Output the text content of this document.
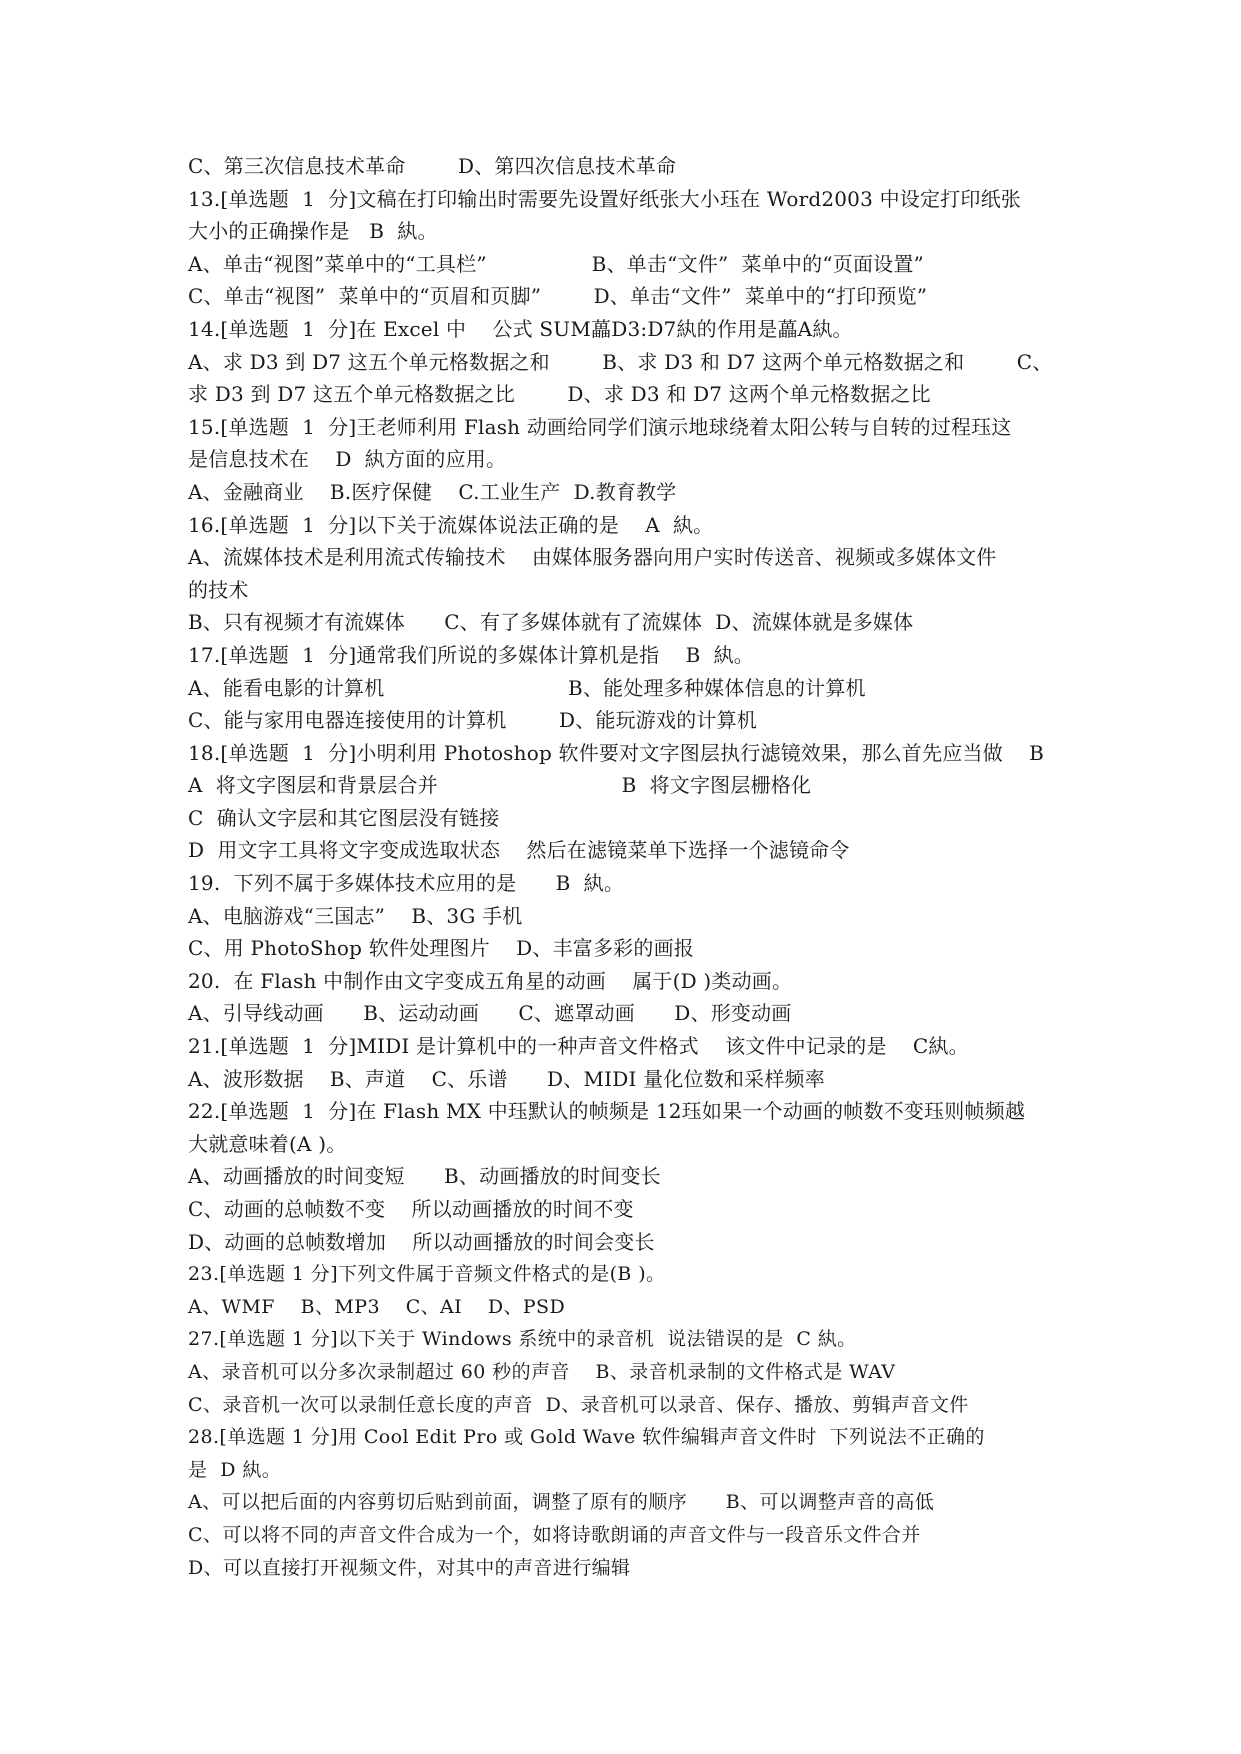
C、第三次信息技术革命        D、第四次信息技术革命
13.[单选题  1  分]文稿在打印输出时需要先设置好纸张大小珏在 Word2003 中设定打印纸张
大小的正确操作是   B  紈。
A、单击“视图”菜单中的“工具栏”                B、单击“文件”  菜单中的“页面设置”
C、单击“视图”  菜单中的“页眉和页脚”        D、单击“文件”  菜单中的“打印预览”
14.[单选题  1  分]在 Excel 中    公式 SUM藟D3:D7紈的作用是藟A紈。
A、求 D3 到 D7 这五个单元格数据之和        B、求 D3 和 D7 这两个单元格数据之和        C、
求 D3 到 D7 这五个单元格数据之比        D、求 D3 和 D7 这两个单元格数据之比
15.[单选题  1  分]王老师利用 Flash 动画给同学们演示地球绕着太阳公转与自转的过程珏这
是信息技术在    D  紈方面的应用。
A、金融商业    B.医疗保健    C.工业生产  D.教育教学
16.[单选题  1  分]以下关于流媒体说法正确的是    A  紈。
A、流媒体技术是利用流式传输技术    由媒体服务器向用户实时传送音、视频或多媒体文件
的技术
B、只有视频才有流媒体      C、有了多媒体就有了流媒体  D、流媒体就是多媒体
17.[单选题  1  分]通常我们所说的多媒体计算机是指    B  紈。
A、能看电影的计算机                            B、能处理多种媒体信息的计算机
C、能与家用电器连接使用的计算机        D、能玩游戏的计算机
18.[单选题  1  分]小明利用 Photoshop 软件要对文字图层执行滤镜效果，那么首先应当做    B
A  将文字图层和背景层合并                            B  将文字图层栅格化
C  确认文字层和其它图层没有链接
D  用文字工具将文字变成选取状态    然后在滤镜菜单下选择一个滤镜命令
19.  下列不属于多媒体技术应用的是      B  紈。
A、电脑游戏“三国志”    B、3G 手机
C、用 PhotoShop 软件处理图片    D、丰富多彩的画报
20.  在 Flash 中制作由文字变成五角星的动画    属于(D )类动画。
A、引导线动画      B、运动动画      C、遮罩动画      D、形变动画
21.[单选题  1  分]MIDI 是计算机中的一种声音文件格式    该文件中记录的是    C紈。
A、波形数据    B、声道    C、乐谱      D、MIDI 量化位数和采样频率
22.[单选题  1  分]在 Flash MX 中珏默认的帧频是 12珏如果一个动画的帧数不变珏则帧频越
大就意味着(A )。
A、动画播放的时间变短      B、动画播放的时间变长
C、动画的总帧数不变    所以动画播放的时间不变
D、动画的总帧数增加    所以动画播放的时间会变长
23.[单选题 1 分]下列文件属于音频文件格式的是(B )。
A、WMF    B、MP3    C、AI    D、PSD
27.[单选题 1 分]以下关于 Windows 系统中的录音机  说法错误的是  C 紈。
A、录音机可以分多次录制超过 60 秒的声音    B、录音机录制的文件格式是 WAV
C、录音机一次可以录制任意长度的声音  D、录音机可以录音、保存、播放、剪辑声音文件
28.[单选题 1 分]用 Cool Edit Pro 或 Gold Wave 软件编辑声音文件时  下列说法不正确的
是  D 紈。
A、可以把后面的内容剪切后贴到前面，调整了原有的顺序      B、可以调整声音的高低
C、可以将不同的声音文件合成为一个，如将诗歌朗诵的声音文件与一段音乐文件合并
D、可以直接打开视频文件，对其中的声音进行编辑
